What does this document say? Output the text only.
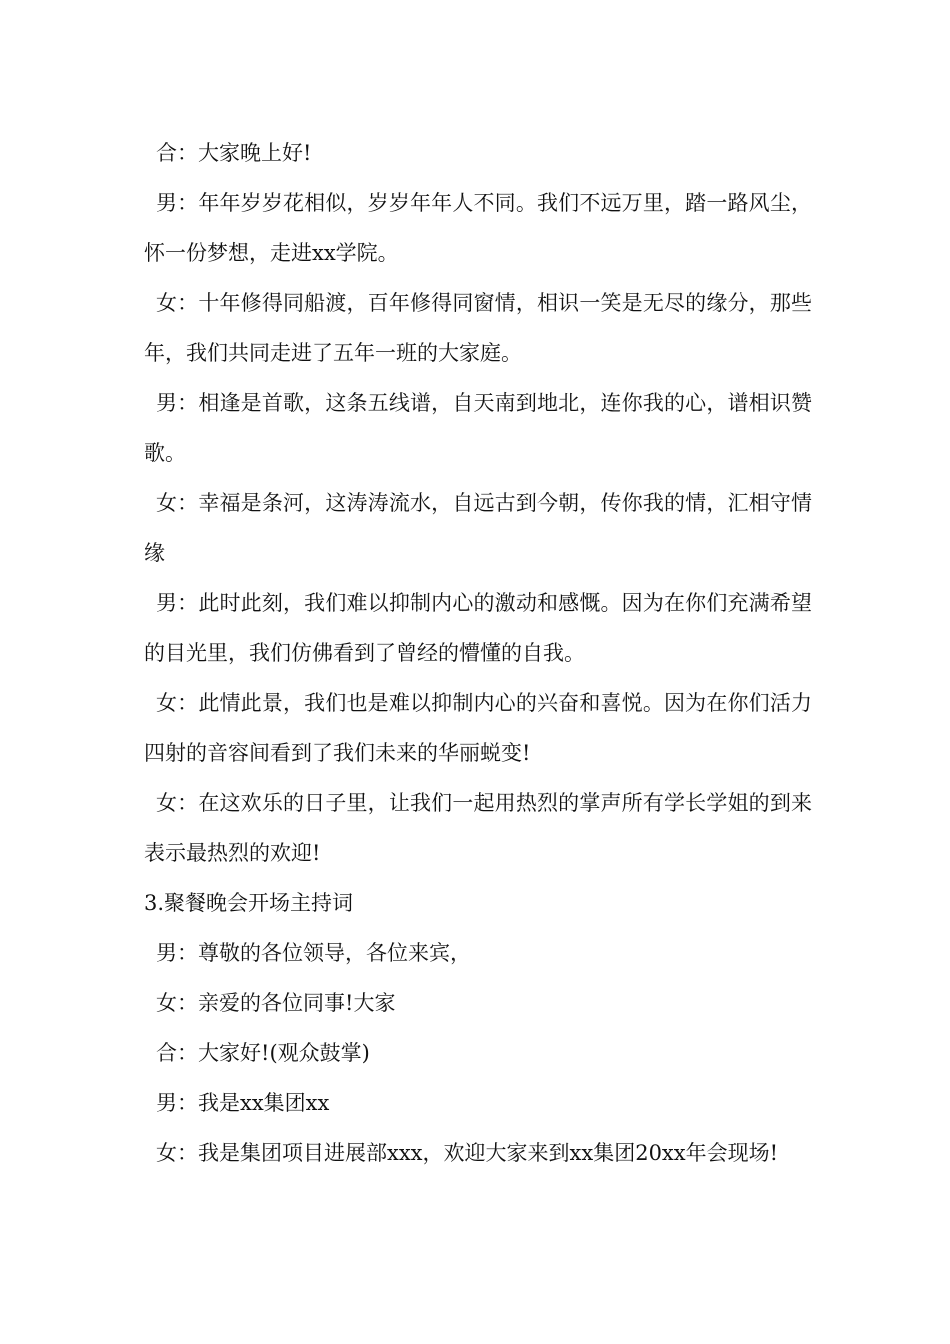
合：大家晚上好!

男：年年岁岁花相似，岁岁年年人不同。我们不远万里，踏一路风尘，怀一份梦想，走进xx学院。

女：十年修得同船渡，百年修得同窗情，相识一笑是无尽的缘分，那些年，我们共同走进了五年一班的大家庭。

男：相逢是首歌，这条五线谱，自天南到地北，连你我的心，谱相识赞歌。

女：幸福是条河，这涛涛流水，自远古到今朝，传你我的情，汇相守情缘

男：此时此刻，我们难以抑制内心的激动和感慨。因为在你们充满希望的目光里，我们仿佛看到了曾经的懵懂的自我。

女：此情此景，我们也是难以抑制内心的兴奋和喜悦。因为在你们活力四射的音容间看到了我们未来的华丽蜕变!

女：在这欢乐的日子里，让我们一起用热烈的掌声所有学长学姐的到来表示最热烈的欢迎!

3.聚餐晚会开场主持词

男：尊敬的各位领导，各位来宾，

女：亲爱的各位同事!大家

合：大家好!(观众鼓掌)

男：我是xx集团xx

女：我是集团项目进展部xxx，欢迎大家来到xx集团20xx年会现场!
